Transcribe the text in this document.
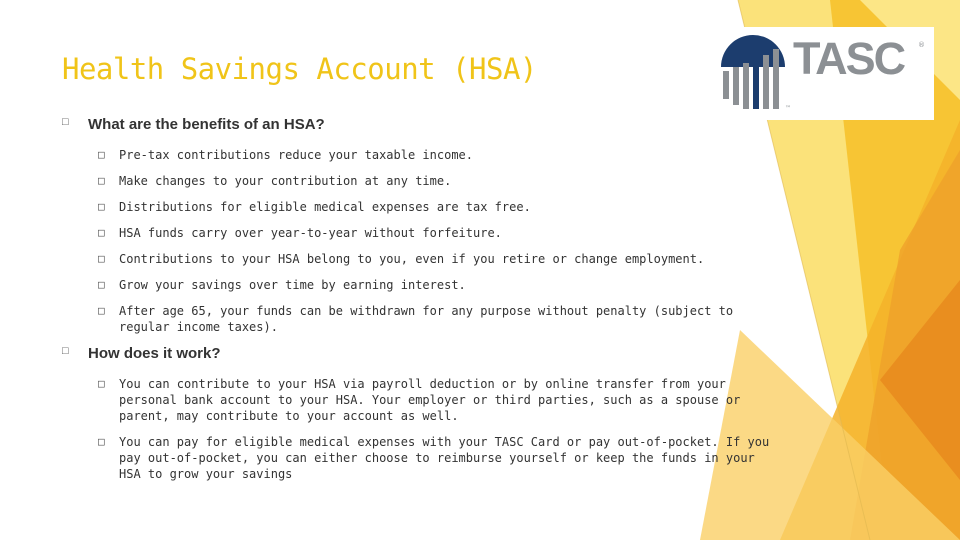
Health Savings Account (HSA)	TASC ®
™
□ What are the benefits of an HSA?
□ Pre-tax contributions reduce your taxable income.
□ Make changes to your contribution at any time.
□ Distributions for eligible medical expenses are tax free.
□ HSA funds carry over year-to-year without forfeiture.
□ Contributions to your HSA belong to you, even if you retire or change employment.
□ Grow your savings over time by earning interest.
□ After age 65, your funds can be withdrawn for any purpose without penalty (subject to regular income taxes).
□ How does it work?
□ You can contribute to your HSA via payroll deduction or by online transfer from your personal bank account to your HSA. Your employer or third parties, such as a spouse or parent, may contribute to your account as well.
□ You can pay for eligible medical expenses with your TASC Card or pay out-of-pocket. If you pay out-of-pocket, you can either choose to reimburse yourself or keep the funds in your HSA to grow your savings
